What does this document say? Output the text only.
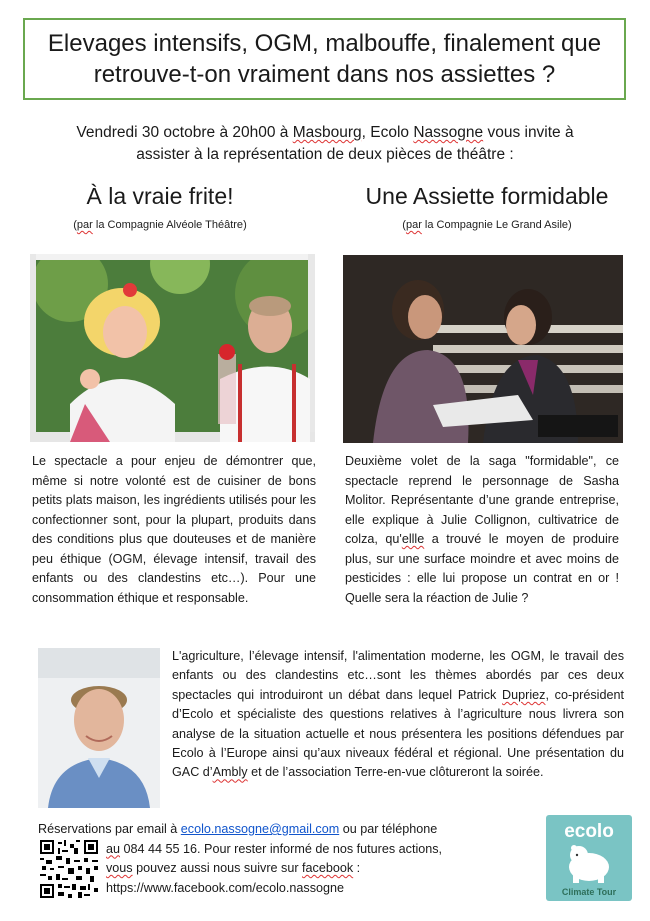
Elevages intensifs, OGM, malbouffe, finalement que
retrouve-t-on vraiment dans nos assiettes ?
Vendredi 30 octobre à 20h00 à Masbourg, Ecolo Nassogne vous invite à
assister à la représentation de deux pièces de théâtre :
À la vraie frite!
(par la Compagnie Alvéole Théâtre)
Une Assiette formidable
(par la Compagnie Le Grand Asile)
Le spectacle a pour enjeu de démontrer que, même si notre volonté est de cuisiner de bons petits plats maison, les ingrédients utilisés pour les confectionner sont, pour la plupart, produits dans des conditions plus que douteuses et de manière peu éthique (OGM, élevage intensif, travail des enfants ou des clandestins etc…). Pour une consommation éthique et responsable.
Deuxième volet de la saga "formidable", ce spectacle reprend le personnage de Sasha Molitor. Représentante d’une grande entreprise, elle explique à Julie Collignon, cultivatrice de colza, qu'ellle a trouvé le moyen de produire plus, sur une surface moindre et avec moins de pesticides : elle lui propose un contrat en or ! Quelle sera la réaction de Julie ?
L'agriculture, l’élevage intensif, l'alimentation moderne, les OGM, le travail des enfants ou des clandestins etc…sont les thèmes abordés par ces deux spectacles qui introduiront un débat dans lequel Patrick Dupriez, co-président d’Ecolo et spécialiste des questions relatives à l’agriculture nous livrera son analyse de la situation actuelle et nous présentera les positions défendues par Ecolo à l’Europe ainsi qu’aux niveaux fédéral et régional. Une présentation du GAC d’Ambly et de l’association Terre-en-vue clôtureront la soirée.
Réservations par email à ecolo.nassogne@gmail.com ou par téléphone
au 084 44 55 16. Pour rester informé de nos futures actions,
vous pouvez aussi nous suivre sur facebook :
https://www.facebook.com/ecolo.nassogne
ecolo
Climate Tour
